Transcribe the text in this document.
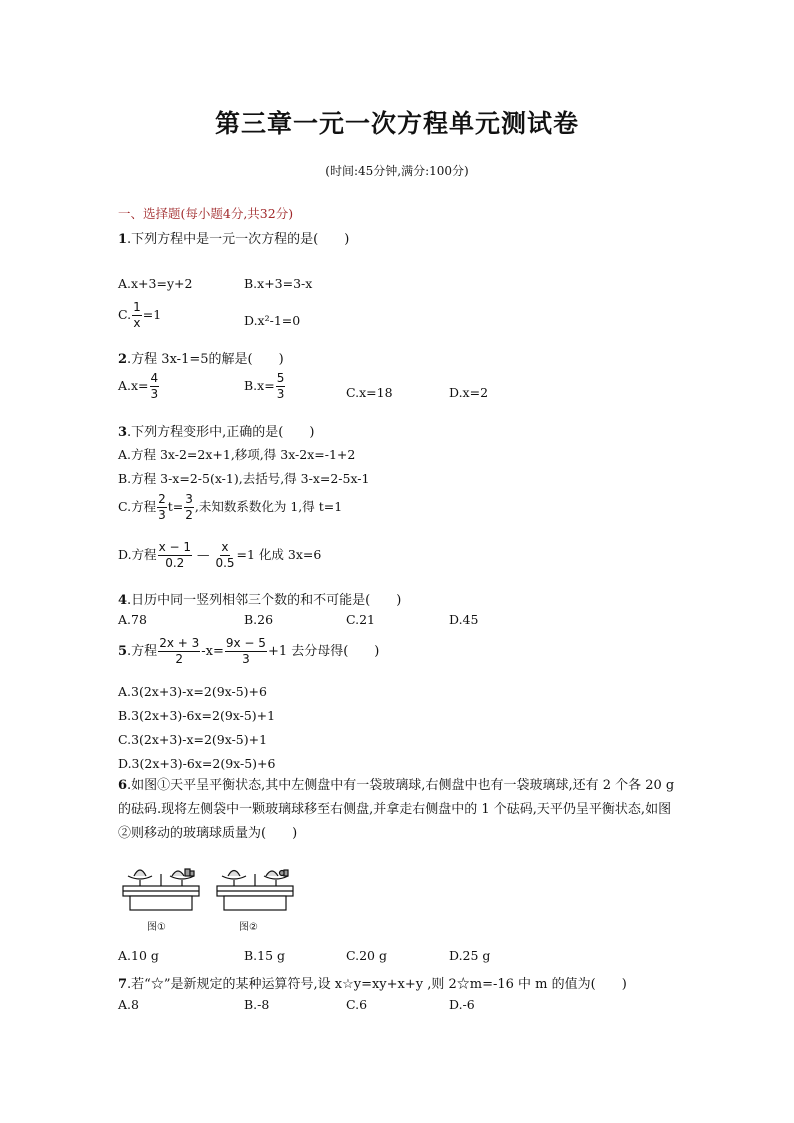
第三章一元一次方程单元测试卷
(时间:45分钟,满分:100分)
一、选择题(每小题4分,共32分)
1.下列方程中是一元一次方程的是(　　)
A.x+3=y+2	B.x+3=3-x
C. $\frac{1}{x} =1$	D.x²-1=0
2.方程 3x-1=5的解是(　　)
$A.x= \frac{4}{3}$	$B.x= \frac{5}{3}$	C.x=18	D.x=2
3.下列方程变形中,正确的是(　　)
A.方程 3x-2=2x+1,移项,得 3x-2x=-1+2
B.方程 3-x=2-5(x-1),去括号,得 3-x=2-5x-1
C.方程 $\frac{2}{3} t= \frac{3}{2}$ ,未知数系数化为 1,得 t=1
D.方程 $\frac{x - 1}{0.2}$ — $\frac{x}{0.5} =1$ 化成 3x=6
4.日历中同一竖列相邻三个数的和不可能是(　　)
A.78	B.26	C.21	D.45
5.方程 $\frac{2x + 3}{2} -x= \frac{9x - 5}{3} +1$ 去分母得(　　)
A.3(2x+3)-x=2(9x-5)+6
B.3(2x+3)-6x=2(9x-5)+1
C.3(2x+3)-x=2(9x-5)+1
D.3(2x+3)-6x=2(9x-5)+6
6.如图①天平呈平衡状态,其中左侧盘中有一袋玻璃球,右侧盘中也有一袋玻璃球,还有 2 个各 20 g 的砝码.现将左侧袋中一颗玻璃球移至右侧盘,并拿走右侧盘中的 1 个砝码,天平仍呈平衡状态,如图②则移动的玻璃球质量为(　　)
图①	图②
A.10 g	B.15 g	C.20 g	D.25 g
7.若“☆”是新规定的某种运算符号,设 x☆y=xy+x+y ,则 2☆m=-16 中 m 的值为(　　)
A.8	B.-8	C.6	D.-6
